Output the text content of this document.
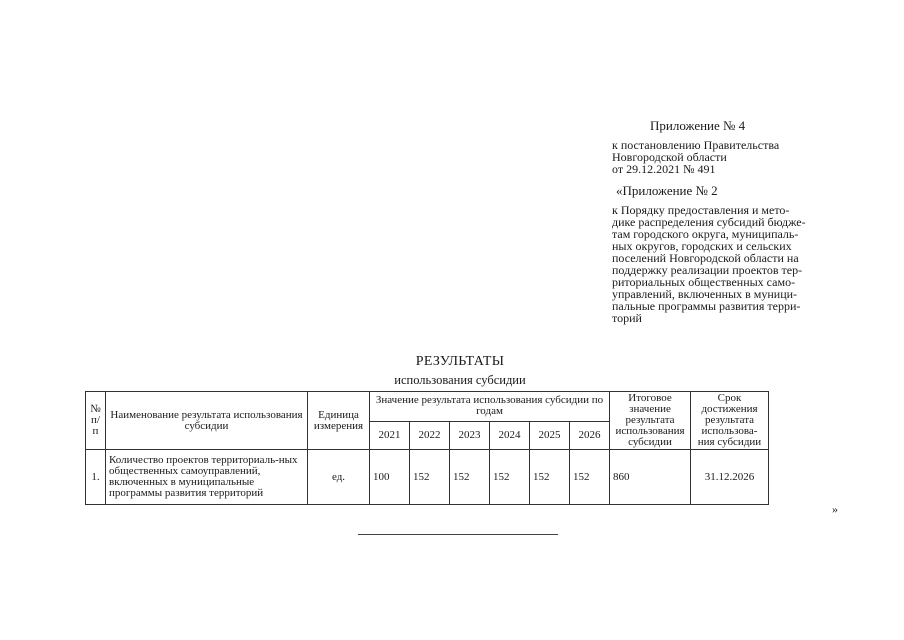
Приложение № 4
к постановлению Правительства
Новгородской области
от 29.12.2021 № 491
«Приложение № 2
к Порядку предоставления и мето-
дике распределения субсидий бюдже-
там городского округа, муниципаль-
ных округов, городских и сельских
поселений Новгородской области на
поддержку реализации проектов тер-
риториальных общественных само-
управлений, включенных в муници-
пальные программы развития терри-
торий
РЕЗУЛЬТАТЫ
использования субсидии
№ п/п	Наименование результата использования субсидии	Единица измерения	Значение результата использования субсидии по годам						Итоговое значение результата использования субсидии	Срок достижения результата использова-ния субсидии
			2021	2022	2023	2024	2025	2026		
1.	Количество проектов территориаль-ных общественных самоуправлений, включенных в муниципальные программы развития территорий	ед.	100	152	152	152	152	152	860	31.12.2026
»
